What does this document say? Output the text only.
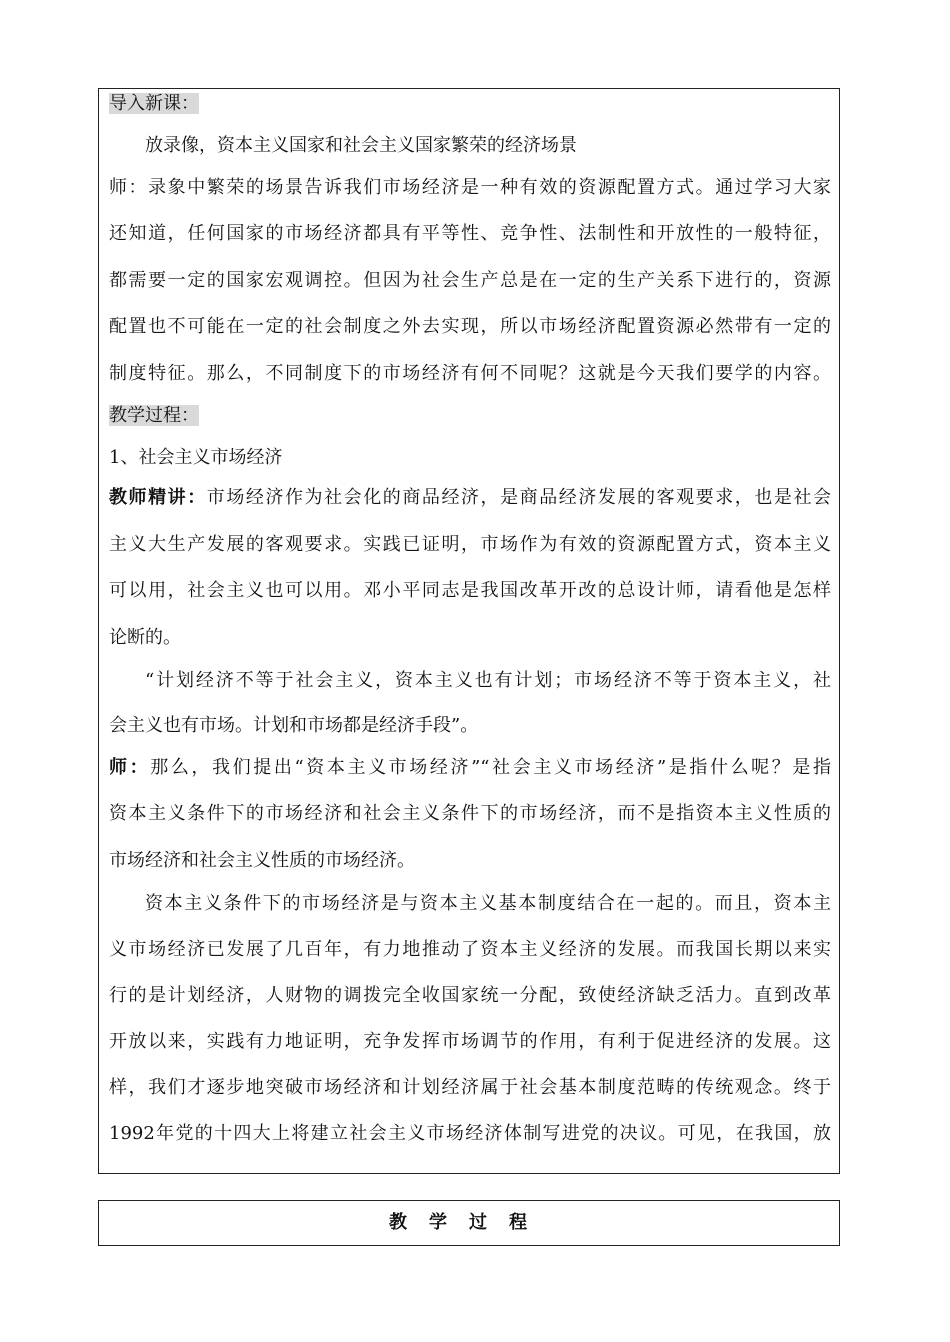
导入新课：
放录像，资本主义国家和社会主义国家繁荣的经济场景
师：录象中繁荣的场景告诉我们市场经济是一种有效的资源配置方式。通过学习大家
还知道，任何国家的市场经济都具有平等性、竞争性、法制性和开放性的一般特征，
都需要一定的国家宏观调控。但因为社会生产总是在一定的生产关系下进行的，资源
配置也不可能在一定的社会制度之外去实现，所以市场经济配置资源必然带有一定的
制度特征。那么，不同制度下的市场经济有何不同呢？这就是今天我们要学的内容。
教学过程：
1、社会主义市场经济
教师精讲：市场经济作为社会化的商品经济，是商品经济发展的客观要求，也是社会
主义大生产发展的客观要求。实践已证明，市场作为有效的资源配置方式，资本主义
可以用，社会主义也可以用。邓小平同志是我国改革开改的总设计师，请看他是怎样
论断的。
“计划经济不等于社会主义，资本主义也有计划；市场经济不等于资本主义，社
会主义也有市场。计划和市场都是经济手段”。
师：那么，我们提出“资本主义市场经济”“社会主义市场经济”是指什么呢？是指
资本主义条件下的市场经济和社会主义条件下的市场经济，而不是指资本主义性质的
市场经济和社会主义性质的市场经济。
资本主义条件下的市场经济是与资本主义基本制度结合在一起的。而且，资本主
义市场经济已发展了几百年，有力地推动了资本主义经济的发展。而我国长期以来实
行的是计划经济，人财物的调拨完全收国家统一分配，致使经济缺乏活力。直到改革
开放以来，实践有力地证明，充争发挥市场调节的作用，有利于促进经济的发展。这
样，我们才逐步地突破市场经济和计划经济属于社会基本制度范畴的传统观念。终于
1992年党的十四大上将建立社会主义市场经济体制写进党的决议。可见，在我国，放
教学过程
